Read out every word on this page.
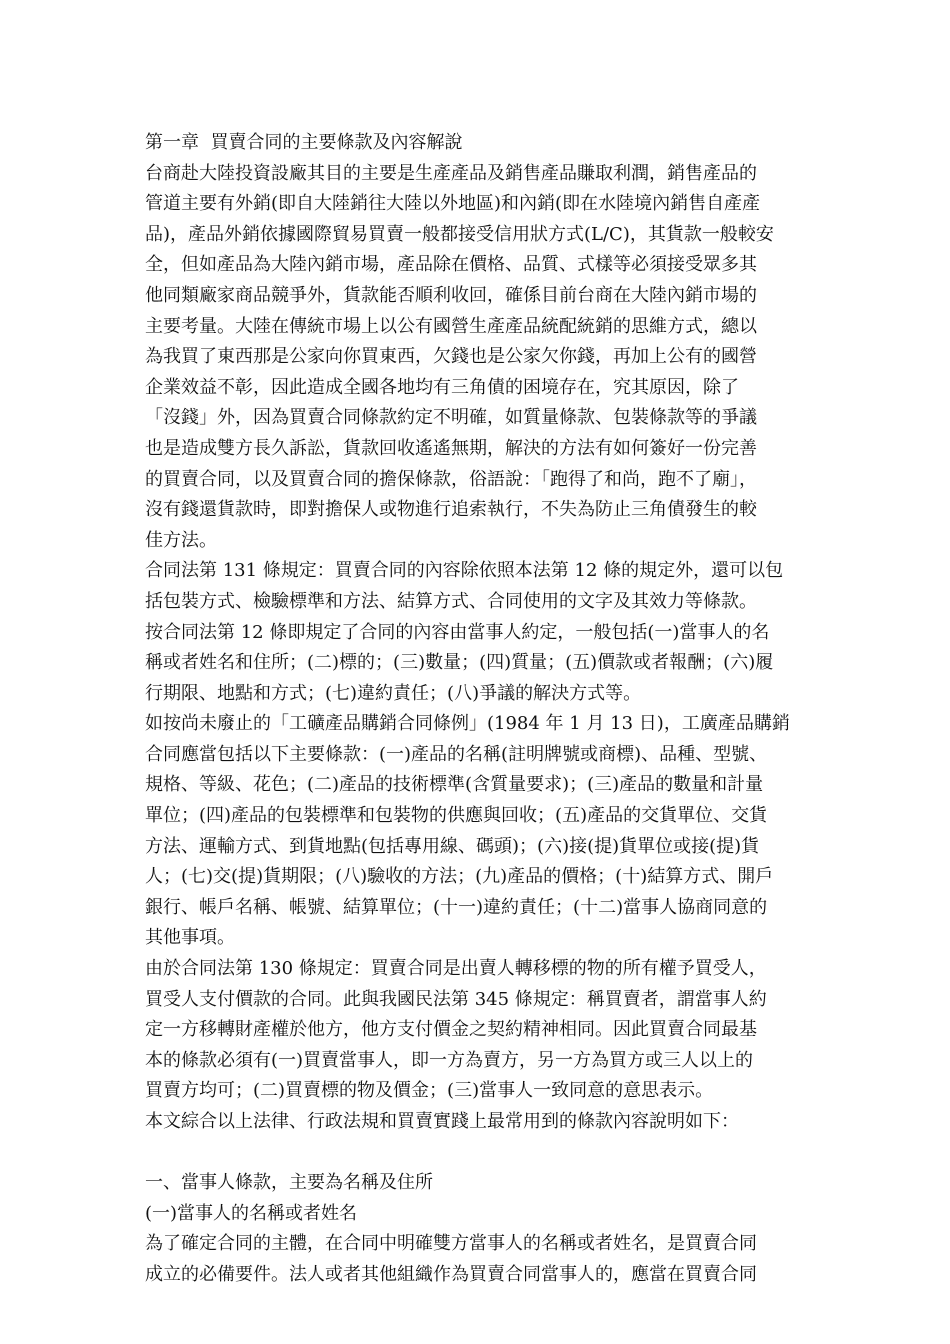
第一章  買賣合同的主要條款及內容解說
台商赴大陸投資設廠其目的主要是生產產品及銷售產品賺取利潤，銷售產品的
管道主要有外銷(即自大陸銷往大陸以外地區)和內銷(即在水陸境內銷售自產產
品)，產品外銷依據國際貿易買賣一般都接受信用狀方式(L/C)，其貨款一般較安
全，但如產品為大陸內銷市場，產品除在價格、品質、式樣等必須接受眾多其
他同類廠家商品競爭外，貨款能否順利收回，確係目前台商在大陸內銷市場的
主要考量。大陸在傳統市場上以公有國營生產產品統配統銷的思維方式，總以
為我買了東西那是公家向你買東西，欠錢也是公家欠你錢，再加上公有的國營
企業效益不彰，因此造成全國各地均有三角債的困境存在，究其原因，除了
「沒錢」外，因為買賣合同條款約定不明確，如質量條款、包裝條款等的爭議
也是造成雙方長久訴訟，貨款回收遙遙無期，解決的方法有如何簽好一份完善
的買賣合同，以及買賣合同的擔保條款，俗語說：「跑得了和尚，跑不了廟」，
沒有錢還貨款時，即對擔保人或物進行追索執行，不失為防止三角債發生的較
佳方法。
合同法第 131 條規定：買賣合同的內容除依照本法第 12 條的規定外，還可以包
括包裝方式、檢驗標準和方法、結算方式、合同使用的文字及其效力等條款。
按合同法第 12 條即規定了合同的內容由當事人約定，一般包括(一)當事人的名
稱或者姓名和住所；(二)標的；(三)數量；(四)質量；(五)價款或者報酬；(六)履
行期限、地點和方式；(七)違約責任；(八)爭議的解決方式等。
如按尚未廢止的「工礦產品購銷合同條例」(1984 年 1 月 13 日)，工廣產品購銷
合同應當包括以下主要條款：(一)產品的名稱(註明牌號或商標)、品種、型號、
規格、等級、花色；(二)產品的技術標準(含質量要求)；(三)產品的數量和計量
單位；(四)產品的包裝標準和包裝物的供應與回收；(五)產品的交貨單位、交貨
方法、運輸方式、到貨地點(包括專用線、碼頭)；(六)接(提)貨單位或接(提)貨
人；(七)交(提)貨期限；(八)驗收的方法；(九)產品的價格；(十)結算方式、開戶
銀行、帳戶名稱、帳號、結算單位；(十一)違約責任；(十二)當事人協商同意的
其他事項。
由於合同法第 130 條規定：買賣合同是出賣人轉移標的物的所有權予買受人，
買受人支付價款的合同。此與我國民法第 345 條規定：稱買賣者，謂當事人約
定一方移轉財產權於他方，他方支付價金之契約精神相同。因此買賣合同最基
本的條款必須有(一)買賣當事人，即一方為賣方，另一方為買方或三人以上的
買賣方均可；(二)買賣標的物及價金；(三)當事人一致同意的意思表示。
本文綜合以上法律、行政法規和買賣實踐上最常用到的條款內容說明如下：
一、當事人條款，主要為名稱及住所
(一)當事人的名稱或者姓名
為了確定合同的主體，在合同中明確雙方當事人的名稱或者姓名，是買賣合同
成立的必備要件。法人或者其他組織作為買賣合同當事人的，應當在買賣合同
